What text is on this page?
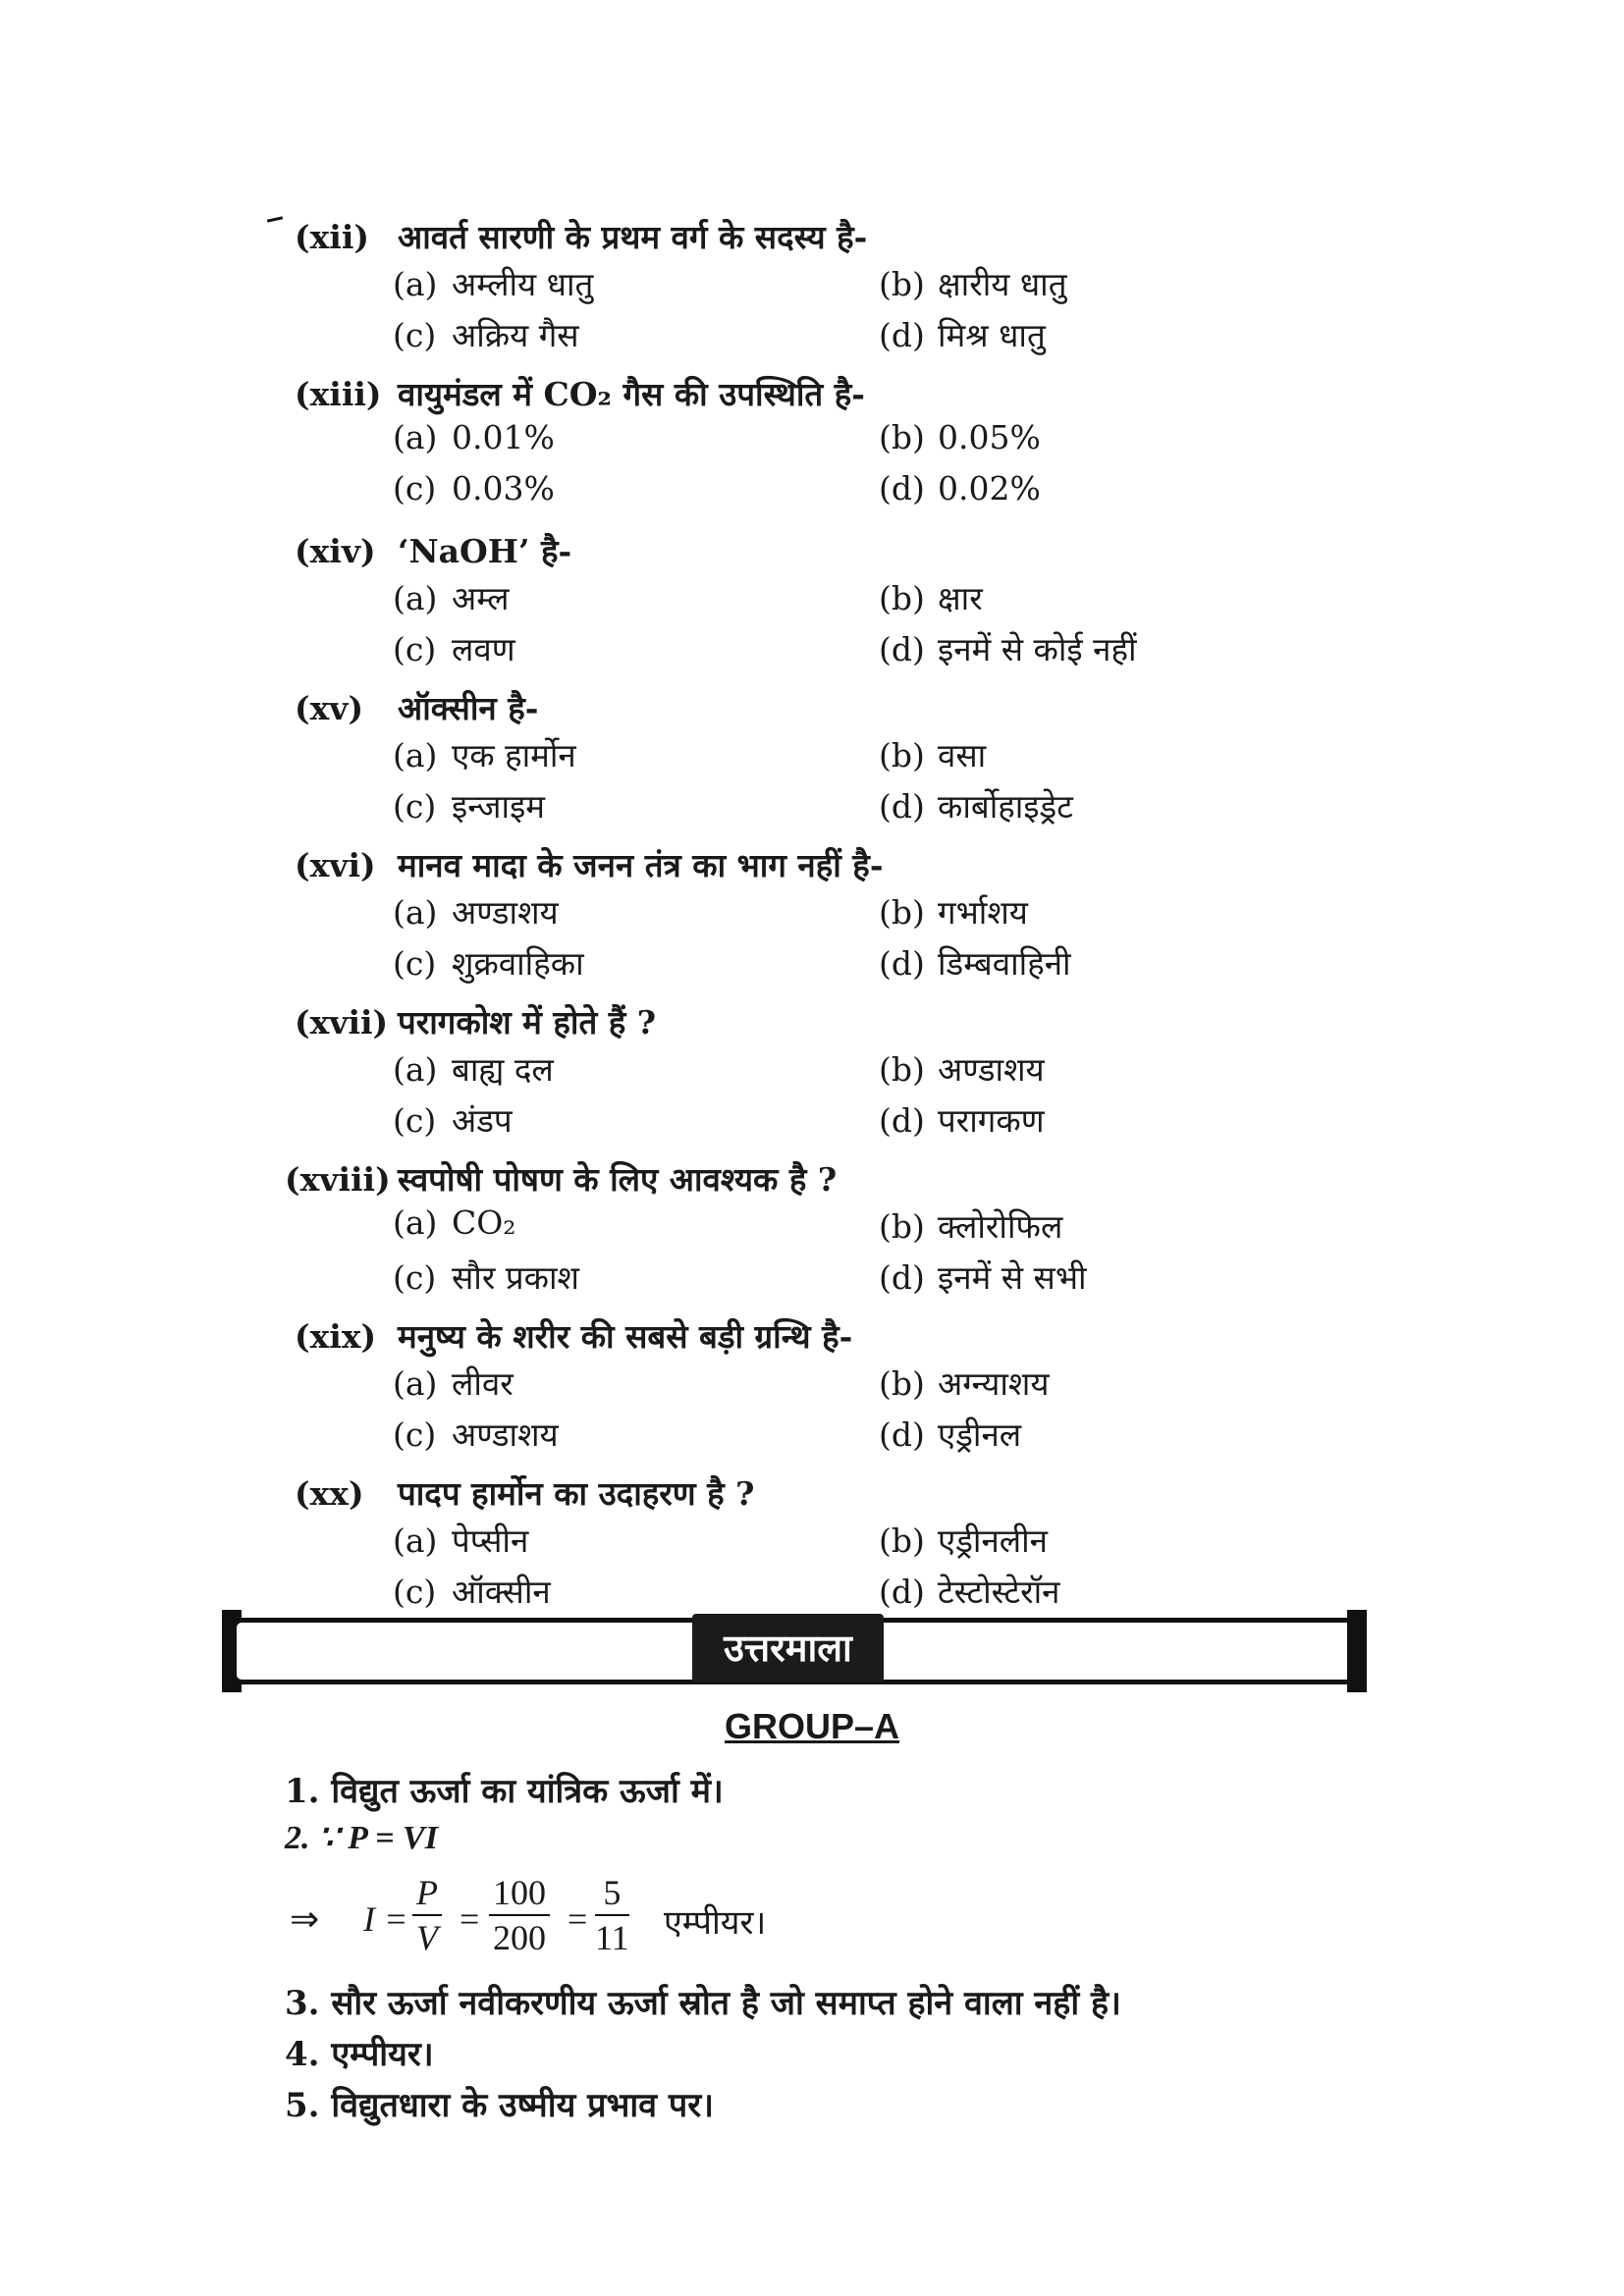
(xii) आवर्त सारणी के प्रथम वर्ग के सदस्य है-
(a) अम्लीय धातु	(b) क्षारीय धातु
(c) अक्रिय गैस	(d) मिश्र धातु
(xiii) वायुमंडल में CO₂ गैस की उपस्थिति है-
(a) 0.01%	(b) 0.05%
(c) 0.03%	(d) 0.02%
(xiv) ‘NaOH’ है-
(a) अम्ल	(b) क्षार
(c) लवण	(d) इनमें से कोई नहीं
(xv) ऑक्सीन है-
(a) एक हार्मोन	(b) वसा
(c) इन्जाइम	(d) कार्बोहाइड्रेट
(xvi) मानव मादा के जनन तंत्र का भाग नहीं है-
(a) अण्डाशय	(b) गर्भाशय
(c) शुक्रवाहिका	(d) डिम्बवाहिनी
(xvii) परागकोश में होते हैं ?
(a) बाह्य दल	(b) अण्डाशय
(c) अंडप	(d) परागकण
(xviii) स्वपोषी पोषण के लिए आवश्यक है ?
(a) CO₂	(b) क्लोरोफिल
(c) सौर प्रकाश	(d) इनमें से सभी
(xix) मनुष्य के शरीर की सबसे बड़ी ग्रन्थि है-
(a) लीवर	(b) अग्न्याशय
(c) अण्डाशय	(d) एड्रीनल
(xx) पादप हार्मोन का उदाहरण है ?
(a) पेप्सीन	(b) एड्रीनलीन
(c) ऑक्सीन	(d) टेस्टोस्टेरॉन
उत्तरमाला
GROUP–A
1. विद्युत ऊर्जा का यांत्रिक ऊर्जा में।
2. ∵ P = VI
⇒ $I = \frac{P}{V} = \frac{100}{200} = \frac{5}{11}$ एम्पीयर।
3. सौर ऊर्जा नवीकरणीय ऊर्जा स्रोत है जो समाप्त होने वाला नहीं है।
4. एम्पीयर।
5. विद्युतधारा के उष्मीय प्रभाव पर।
